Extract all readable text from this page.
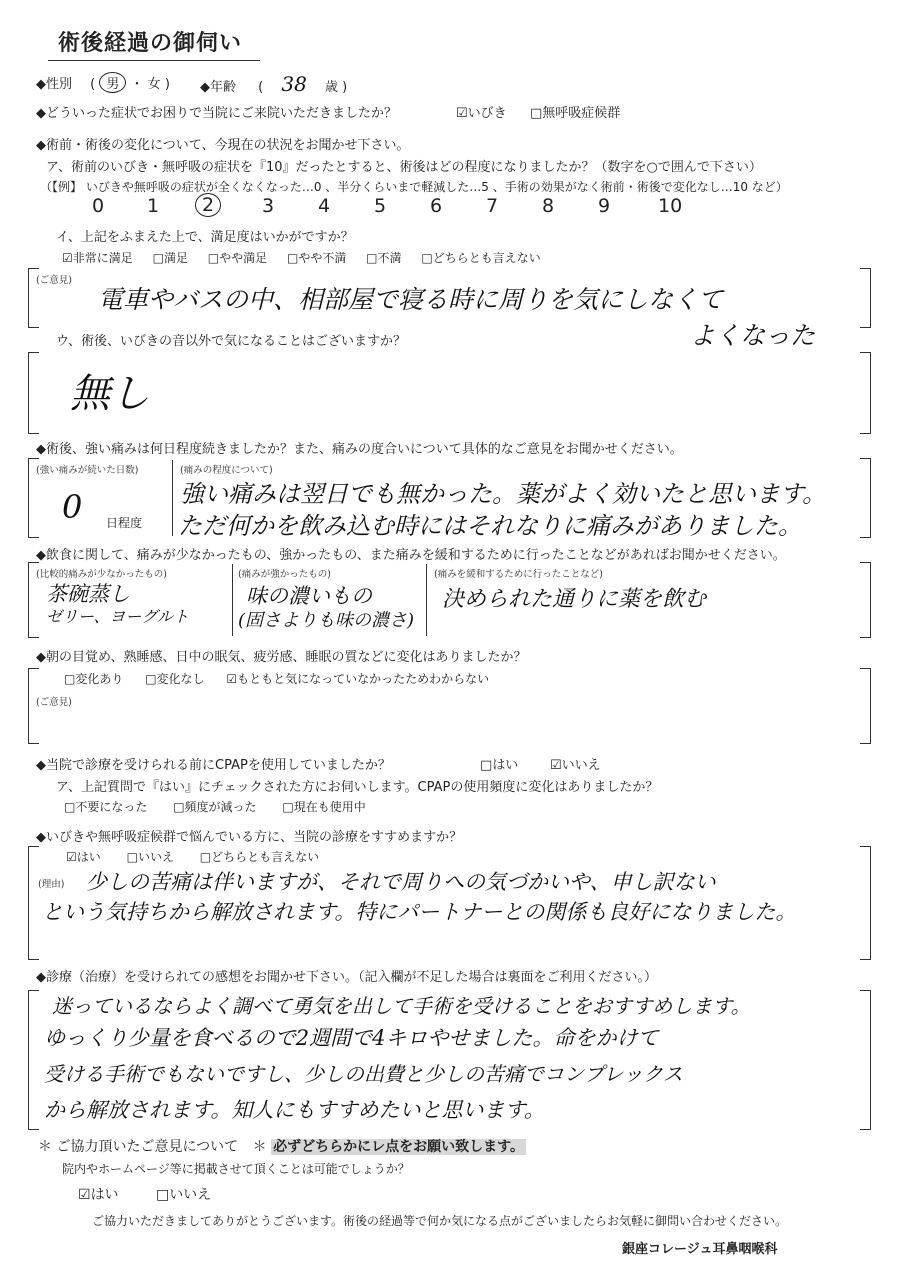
術後経過の御伺い
◆性別 ( 男 ・ 女 ) ◆年齢 ( 38 歳 )
◆どういった症状でお困りで当院にご来院いただきましたか？	☑いびき □無呼吸症候群
◆術前・術後の変化について、今現在の状況をお聞かせ下さい。
ア、術前のいびき・無呼吸の症状を『10』だったとすると、術後はどの程度になりましたか？（数字を○で囲んで下さい）
（【例】 いびきや無呼吸の症状が全くなくなった…0 、半分くらいまで軽減した…5 、手術の効果がなく術前・術後で変化なし…10 など）
0 1	2	3 4 5 6 7 8 9	10
イ、上記をふまえた上で、満足度はいかがですか？
☑非常に満足 □満足 □やや満足 □やや不満 □不満 □どちらとも言えない
(ご意見)
電車やバスの中、相部屋で寝る時に周りを気にしなくて
よくなった
ウ、術後、いびきの音以外で気になることはございますか？
無し
◆術後、強い痛みは何日程度続きましたか？また、痛みの度合いについて具体的なご意見をお聞かせください。
(強い痛みが続いた日数)
0 日程度
(痛みの程度について)
強い痛みは翌日でも無かった。薬がよく効いたと思います。
ただ何かを飲み込む時にはそれなりに痛みがありました。
◆飲食に関して、痛みが少なかったもの、強かったもの、また痛みを緩和するために行ったことなどがあればお聞かせください。
(比較的痛みが少なかったもの)
茶碗蒸し
ゼリー、ヨーグルト
(痛みが強かったもの)
味の濃いもの
(固さよりも味の濃さ)
(痛みを緩和するために行ったことなど)
決められた通りに薬を飲む
◆朝の目覚め、熟睡感、日中の眠気、疲労感、睡眠の質などに変化はありましたか？
□変化あり □変化なし ☑もともと気になっていなかったためわからない
(ご意見)
◆当院で診療を受けられる前にCPAPを使用していましたか？	□はい ☑いいえ
ア、上記質問で『はい』にチェックされた方にお伺いします。CPAPの使用頻度に変化はありましたか？
□不要になった □頻度が減った □現在も使用中
◆いびきや無呼吸症候群で悩んでいる方に、当院の診療をすすめますか？
☑はい □いいえ □どちらとも言えない
(理由) 少しの苦痛は伴いますが、それで周りへの気づかいや、申し訳ない
という気持ちから解放されます。特にパートナーとの関係も良好になりました。
◆診療（治療）を受けられての感想をお聞かせ下さい。（記入欄が不足した場合は裏面をご利用ください。）
迷っているならよく調べて勇気を出して手術を受けることをおすすめします。
ゆっくり少量を食べるので2週間で4キロやせました。命をかけて
受ける手術でもないですし、少しの出費と少しの苦痛でコンプレックス
から解放されます。知人にもすすめたいと思います。
＊ ご協力頂いたご意見について ＊ 必ずどちらかにレ点をお願い致します。
院内やホームページ等に掲載させて頂くことは可能でしょうか？
☑はい	□いいえ
ご協力いただきましてありがとうございます。術後の経過等で何か気になる点がございましたらお気軽に御問い合わせください。
銀座コレージュ耳鼻咽喉科
